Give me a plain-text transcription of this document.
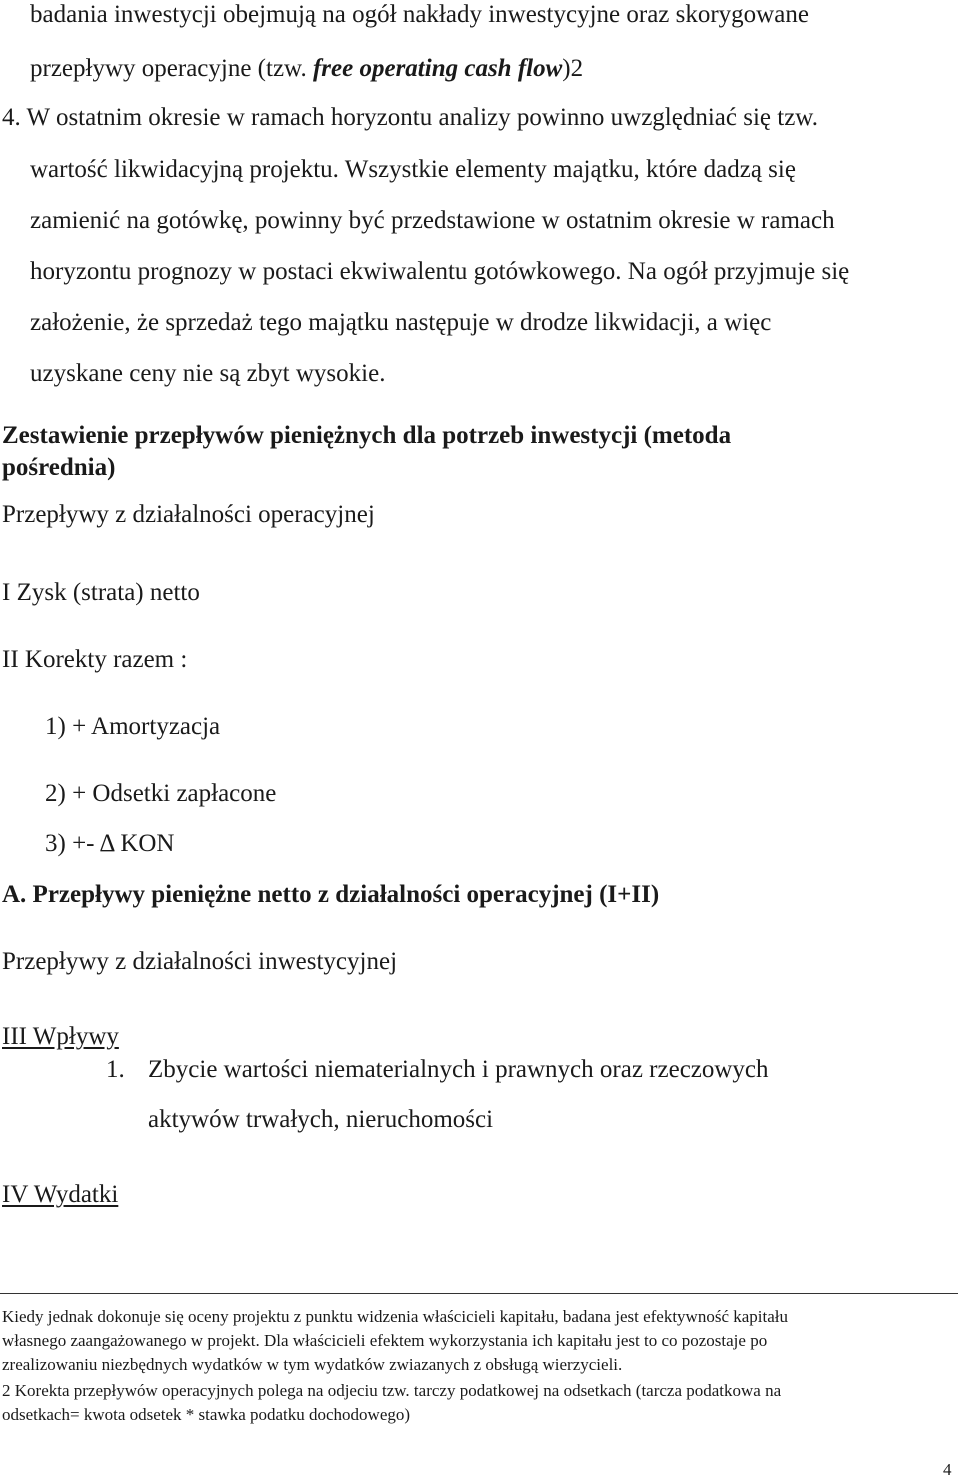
badania inwestycji obejmują na ogół nakłady inwestycyjne oraz skorygowane
przepływy operacyjne (tzw. free operating cash flow)2
4. W ostatnim okresie w ramach horyzontu analizy powinno uwzględniać się tzw.
wartość likwidacyjną projektu. Wszystkie elementy majątku, które dadzą się
zamienić na gotówkę, powinny być przedstawione w ostatnim okresie w ramach
horyzontu prognozy w postaci ekwiwalentu gotówkowego. Na ogół przyjmuje się
założenie, że sprzedaż tego majątku następuje w drodze likwidacji, a więc
uzyskane ceny nie są zbyt wysokie.
Zestawienie przepływów pieniężnych dla potrzeb inwestycji (metoda
pośrednia)
Przepływy z działalności operacyjnej
I Zysk (strata) netto
II Korekty razem :
1) + Amortyzacja
2) + Odsetki zapłacone
3) +- Δ KON
A. Przepływy pieniężne netto z działalności operacyjnej (I+II)
Przepływy z działalności inwestycyjnej
III Wpływy
1. Zbycie wartości niematerialnych i prawnych oraz rzeczowych
aktywów trwałych, nieruchomości
IV Wydatki
Kiedy jednak dokonuje się oceny projektu z punktu widzenia właścicieli kapitału, badana jest efektywność kapitału
własnego zaangażowanego w projekt. Dla właścicieli efektem wykorzystania ich kapitału jest to co pozostaje po
zrealizowaniu niezbędnych wydatków w tym wydatków zwiazanych z obsługą wierzycieli.
2 Korekta przepływów operacyjnych polega na odjeciu tzw. tarczy podatkowej na odsetkach (tarcza podatkowa na
odsetkach= kwota odsetek * stawka podatku dochodowego)
4
